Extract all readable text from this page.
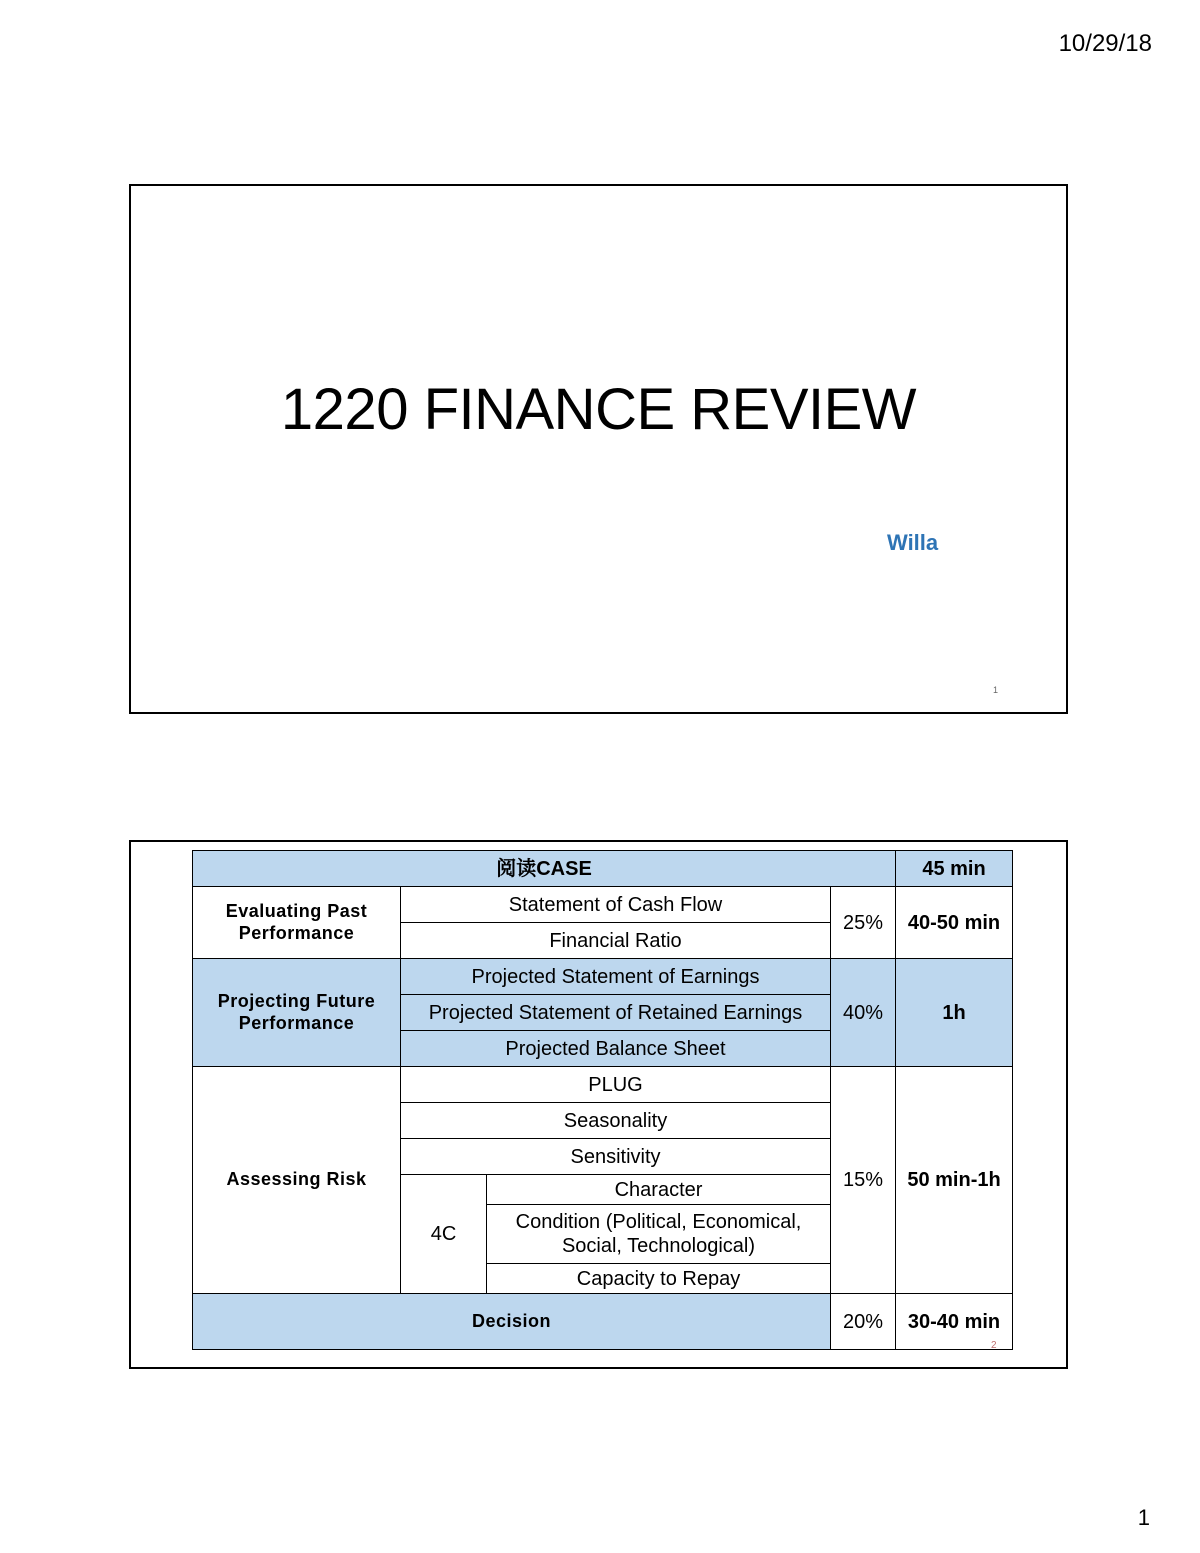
10/29/18
1220 FINANCE REVIEW
Willa
1
阅读CASE				45 min
Evaluating Past Performance	Statement of Cash Flow		25%	40-50 min
	Financial Ratio			
Projecting Future Performance	Projected Statement of Earnings		40%	1h
	Projected Statement of Retained Earnings			
	Projected Balance Sheet			
Assessing Risk	PLUG		15%	50 min-1h
	Seasonality			
	Sensitivity			
	4C	Character		
		Condition (Political, Economical, Social, Technological)		
		Capacity to Repay		
Decision			20%	30-40 min
2
1
